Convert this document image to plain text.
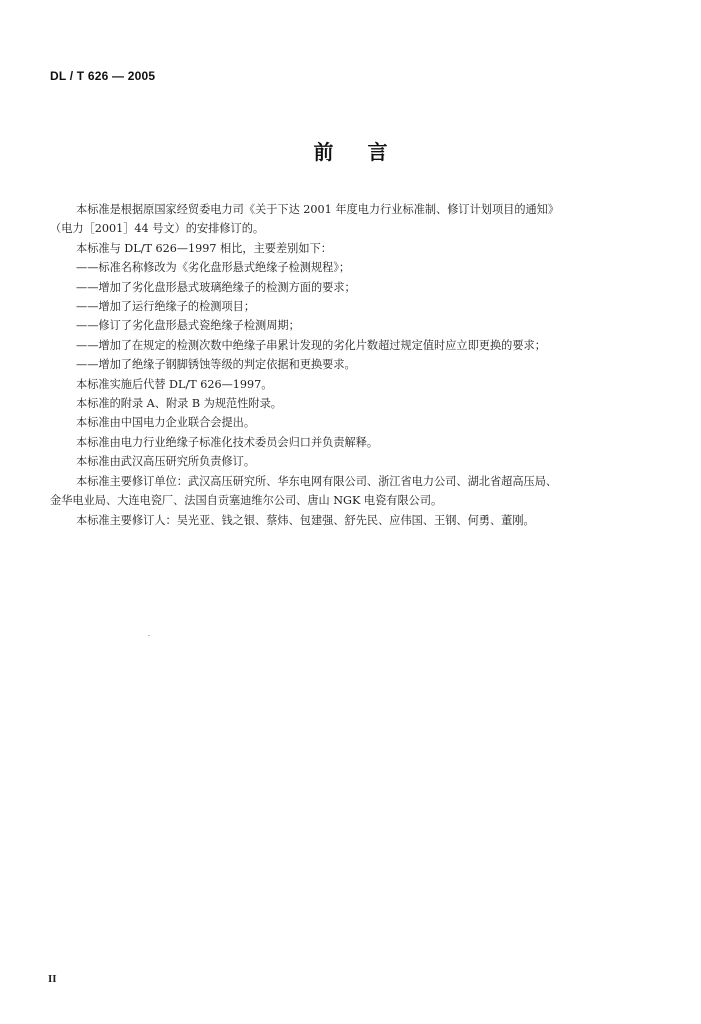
DL / T 626 — 2005
前言

本标准是根据原国家经贸委电力司《关于下达 2001 年度电力行业标准制、修订计划项目的通知》

（电力［2001］44 号文）的安排修订的。

本标准与 DL/T 626—1997 相比，主要差别如下：

——标准名称修改为《劣化盘形悬式绝缘子检测规程》；

——增加了劣化盘形悬式玻璃绝缘子的检测方面的要求；

——增加了运行绝缘子的检测项目；

——修订了劣化盘形悬式瓷绝缘子检测周期；

——增加了在规定的检测次数中绝缘子串累计发现的劣化片数超过规定值时应立即更换的要求；

——增加了绝缘子钢脚锈蚀等级的判定依据和更换要求。

本标准实施后代替 DL/T 626—1997。

本标准的附录 A、附录 B 为规范性附录。

本标准由中国电力企业联合会提出。

本标准由电力行业绝缘子标准化技术委员会归口并负责解释。

本标准由武汉高压研究所负责修订。

本标准主要修订单位：武汉高压研究所、华东电网有限公司、浙江省电力公司、湖北省超高压局、

金华电业局、大连电瓷厂、法国自贡塞迪维尔公司、唐山 NGK 电瓷有限公司。

本标准主要修订人：吴光亚、钱之银、蔡炜、包建强、舒先民、应伟国、王钢、何勇、董刚。

II
